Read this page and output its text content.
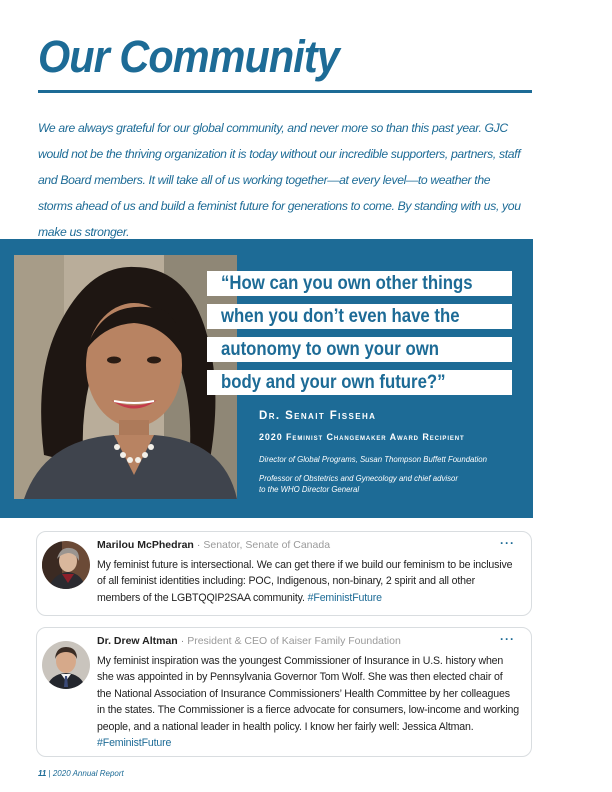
Our Community

We are always grateful for our global community, and never more so than this past year. GJC would not be the thriving organization it is today without our incredible supporters, partners, staff and Board members. It will take all of us working together—at every level—to weather the storms ahead of us and build a feminist future for generations to come. By standing with us, you make us stronger.

“How can you own other things
when you don’t even have the
autonomy to own your own
body and your own future?”
Dr. Senait Fisseha
2020 Feminist Changemaker Award Recipient
Director of Global Programs, Susan Thompson Buffett Foundation
Professor of Obstetrics and Gynecology and chief advisor
to the WHO Director General
Marilou McPhedran · Senator, Senate of Canada	···

My feminist future is intersectional. We can get there if we build our feminism to be inclusive of all feminist identities including: POC, Indigenous, non-binary, 2 spirit and all other members of the LGBTQQIP2SAA community. #FeministFuture

Dr. Drew Altman · President & CEO of Kaiser Family Foundation	···

My feminist inspiration was the youngest Commissioner of Insurance in U.S. history when she was appointed in by Pennsylvania Governor Tom Wolf. She was then elected chair of the National Association of Insurance Commissioners’ Health Committee by her colleagues in the states. The Commissioner is a fierce advocate for consumers, low-income and working people, and a national leader in health policy. I know her fairly well: Jessica Altman. #FeministFuture

11 | 2020 Annual Report
